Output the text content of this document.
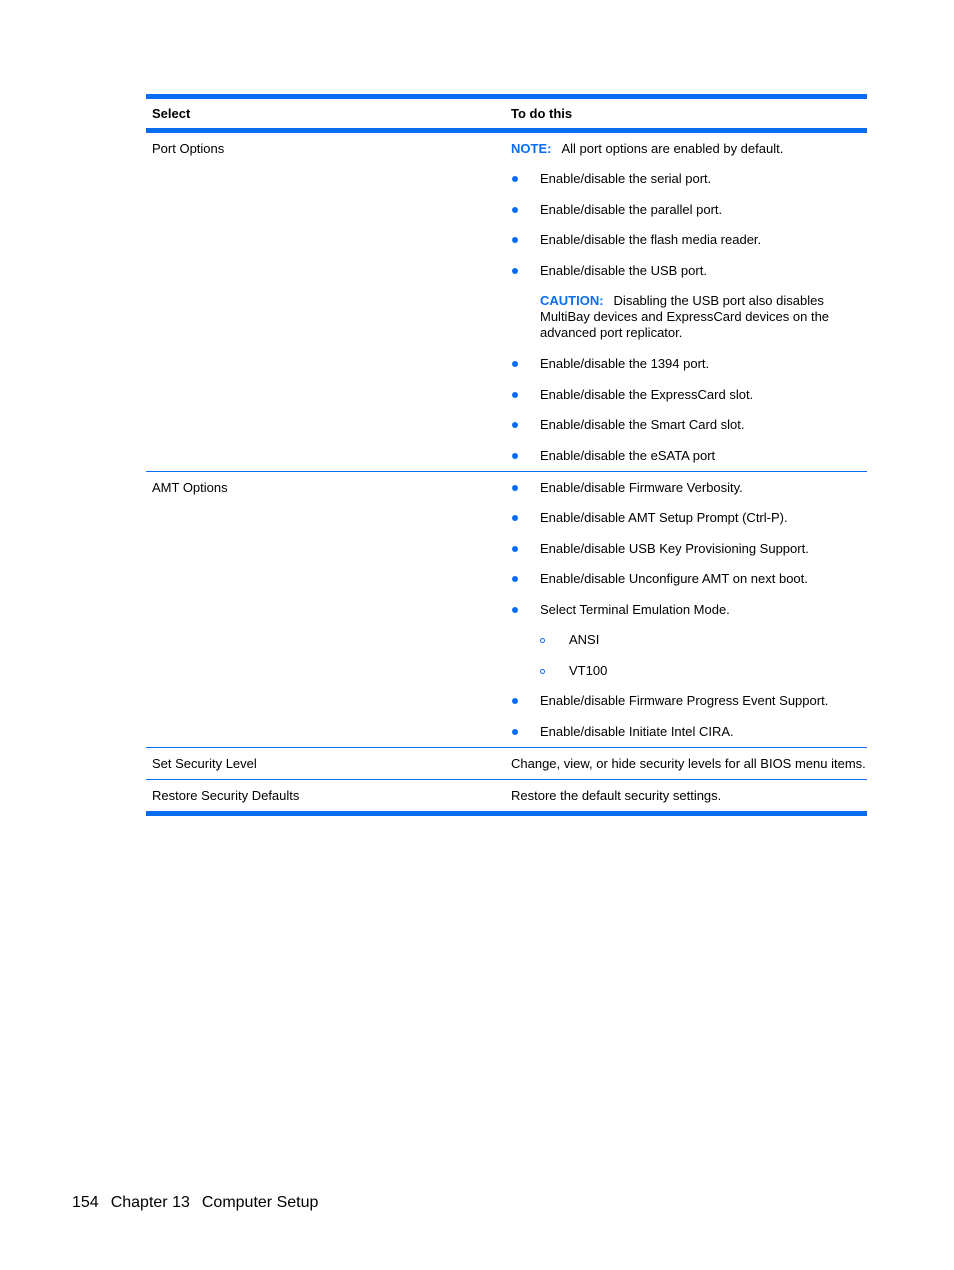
Select	To do this
Port Options	NOTE: All port options are enabled by default.
Enable/disable the serial port.
Enable/disable the parallel port.
Enable/disable the flash media reader.
Enable/disable the USB port.
CAUTION: Disabling the USB port also disables MultiBay devices and ExpressCard devices on the advanced port replicator.
Enable/disable the 1394 port.
Enable/disable the ExpressCard slot.
Enable/disable the Smart Card slot.
Enable/disable the eSATA port
AMT Options	Enable/disable Firmware Verbosity.
Enable/disable AMT Setup Prompt (Ctrl-P).
Enable/disable USB Key Provisioning Support.
Enable/disable Unconfigure AMT on next boot.
Select Terminal Emulation Mode.
ANSI
VT100
Enable/disable Firmware Progress Event Support.
Enable/disable Initiate Intel CIRA.
Set Security Level	Change, view, or hide security levels for all BIOS menu items.
Restore Security Defaults	Restore the default security settings.
154 Chapter 13 Computer Setup
